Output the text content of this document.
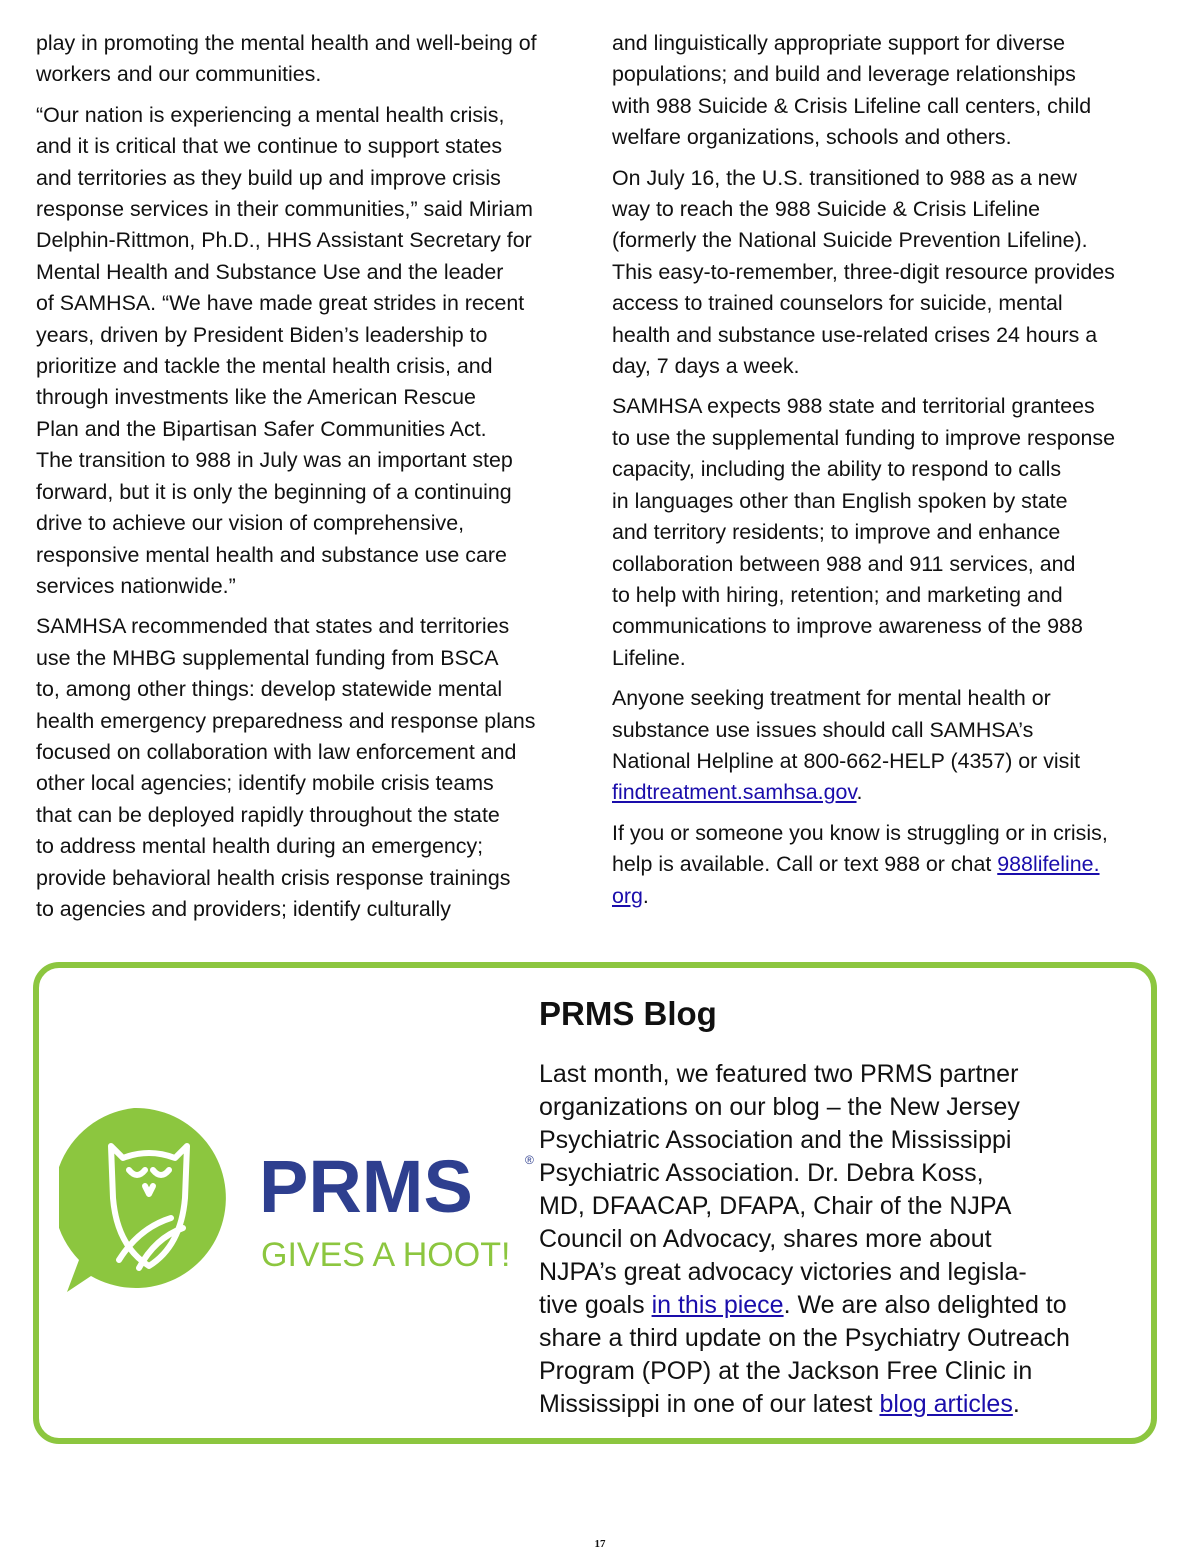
play in promoting the mental health and well-being of
workers and our communities.

“Our nation is experiencing a mental health crisis,
and it is critical that we continue to support states
and territories as they build up and improve crisis
response services in their communities,” said Miriam
Delphin-Rittmon, Ph.D., HHS Assistant Secretary for
Mental Health and Substance Use and the leader
of SAMHSA. “We have made great strides in recent
years, driven by President Biden’s leadership to
prioritize and tackle the mental health crisis, and
through investments like the American Rescue
Plan and the Bipartisan Safer Communities Act.
The transition to 988 in July was an important step
forward, but it is only the beginning of a continuing
drive to achieve our vision of comprehensive,
responsive mental health and substance use care
services nationwide.”

SAMHSA recommended that states and territories
use the MHBG supplemental funding from BSCA
to, among other things: develop statewide mental
health emergency preparedness and response plans
focused on collaboration with law enforcement and
other local agencies; identify mobile crisis teams
that can be deployed rapidly throughout the state
to address mental health during an emergency;
provide behavioral health crisis response trainings
to agencies and providers; identify culturally

and linguistically appropriate support for diverse
populations; and build and leverage relationships
with 988 Suicide & Crisis Lifeline call centers, child
welfare organizations, schools and others.

On July 16, the U.S. transitioned to 988 as a new
way to reach the 988 Suicide & Crisis Lifeline
(formerly the National Suicide Prevention Lifeline).
This easy-to-remember, three-digit resource provides
access to trained counselors for suicide, mental
health and substance use-related crises 24 hours a
day, 7 days a week.

SAMHSA expects 988 state and territorial grantees
to use the supplemental funding to improve response
capacity, including the ability to respond to calls
in languages other than English spoken by state
and territory residents; to improve and enhance
collaboration between 988 and 911 services, and
to help with hiring, retention; and marketing and
communications to improve awareness of the 988
Lifeline.

Anyone seeking treatment for mental health or
substance use issues should call SAMHSA’s
National Helpline at 800-662-HELP (4357) or visit
findtreatment.samhsa.gov.

If you or someone you know is struggling or in crisis,
help is available. Call or text 988 or chat 988lifeline.
org.

PRMS	®
GIVES A HOOT!
PRMS Blog

Last month, we featured two PRMS partner
organizations on our blog – the New Jersey
Psychiatric Association and the Mississippi
Psychiatric Association. Dr. Debra Koss,
MD, DFAACAP, DFAPA, Chair of the NJPA
Council on Advocacy, shares more about
NJPA’s great advocacy victories and legisla-
tive goals in this piece. We are also delighted to
share a third update on the Psychiatry Outreach
Program (POP) at the Jackson Free Clinic in
Mississippi in one of our latest blog articles.

17
